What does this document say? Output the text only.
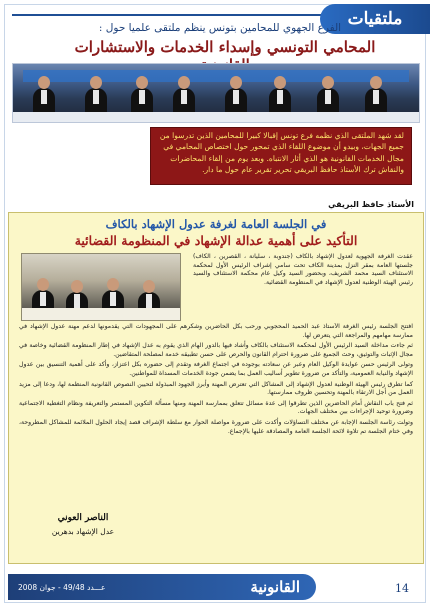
ملتقيات
الفرع الجهوي للمحامين بتونس ينظم ملتقى علميا حول :
المحامي التونسي وإسداء الخدمات والاستشارات
لقد شهد الملتقى الذي نظمه فرع تونس إقبالا كبيرا للمحامين الذين تدرسوا من جميع الجهات، وبيدو أن موضوع اللقاء الذي تمحور حول اختصاص المحامي في مجال الخدمات القانونية هو الذي أثار الانتباه. وبعد يوم من إلقاء المحاضرات والنقاش ترك الأستاذ حافظ البريقي تحرير تقرير عام حول ما دار.
الأستاذ حافظ البريقي
في الجلسة العامة لغرفة عدول الإشهاد بالكاف
التأكيد على أهمية عدالة الإشهاد في المنظومة القضائية

عقدت الغرفة الجهوية لعدول الإشهاد بالكاف (جندوبة ، سليانة ، القصرين ، الكاف) جلستها العامة بمقر النزل بمدينة الكاف تحت سامي إشراف الرئيس الأول لمحكمة الاستئناف السيد محمد الشريف، وبحضور السيد وكيل عام محكمة الاستئناف والسيد رئيس الهيئة الوطنية لعدول الإشهاد في المنظومة القضائية.

افتتح الجلسة رئيس الغرفة الأستاذ عبد الحميد المحجوبي ورحب بكل الحاضرين وشكرهم على المجهودات التي يقدمونها لدعم مهنة عدول الإشهاد في ممارسة مهامهم والمراجعة التي يتعرض لها.

ثم جاءت مداخلة السيد الرئيس الأول لمحكمة الاستئناف بالكاف وأشاد فيها بالدور الهام الذي يقوم به عدل الإشهاد في إطار المنظومة القضائية وخاصة في مجال الإثبات والتوثيق، وحث الجميع على ضرورة احترام القانون والحرص على حسن تطبيقه خدمة لمصلحة المتقاضين.

وتولى الرئيس حسن عوايدة الوكيل العام وعبر عن سعادته بوجوده في اجتماع الغرفة وتقدم إلى حضوره بكل اعتزاز، وأكد على أهمية التنسيق بين عدول الإشهاد والنيابة العمومية، والتأكد من ضرورة تطوير أساليب العمل بما يضمن جودة الخدمات المسداة للمواطنين.

كما تطرق رئيس الهيئة الوطنية لعدول الإشهاد إلى المشاكل التي تعترض المهنة وأبرز الجهود المبذولة لتحيين النصوص القانونية المنظمة لها، ودعا إلى مزيد العمل من أجل الارتقاء بالمهنة وتحسين ظروف ممارستها.

ثم فتح باب النقاش أمام الحاضرين الذين تطرقوا إلى عدة مسائل تتعلق بممارسة المهنة ومنها مسألة التكوين المستمر والتعريفة ونظام التغطية الاجتماعية وضرورة توحيد الإجراءات بين مختلف الجهات.

وتولت رئاسة الجلسة الإجابة عن مختلف التساؤلات وأكدت على ضرورة مواصلة الحوار مع سلطة الإشراف قصد إيجاد الحلول الملائمة للمشاكل المطروحة، وفي ختام الجلسة تم تلاوة لائحة الجلسة العامة والمصادقة عليها بالإجماع.

الناصر العوني
عدل الإشهاد بدهرين
عـــدد 49/48 - جوان 2008	القانونية	14
